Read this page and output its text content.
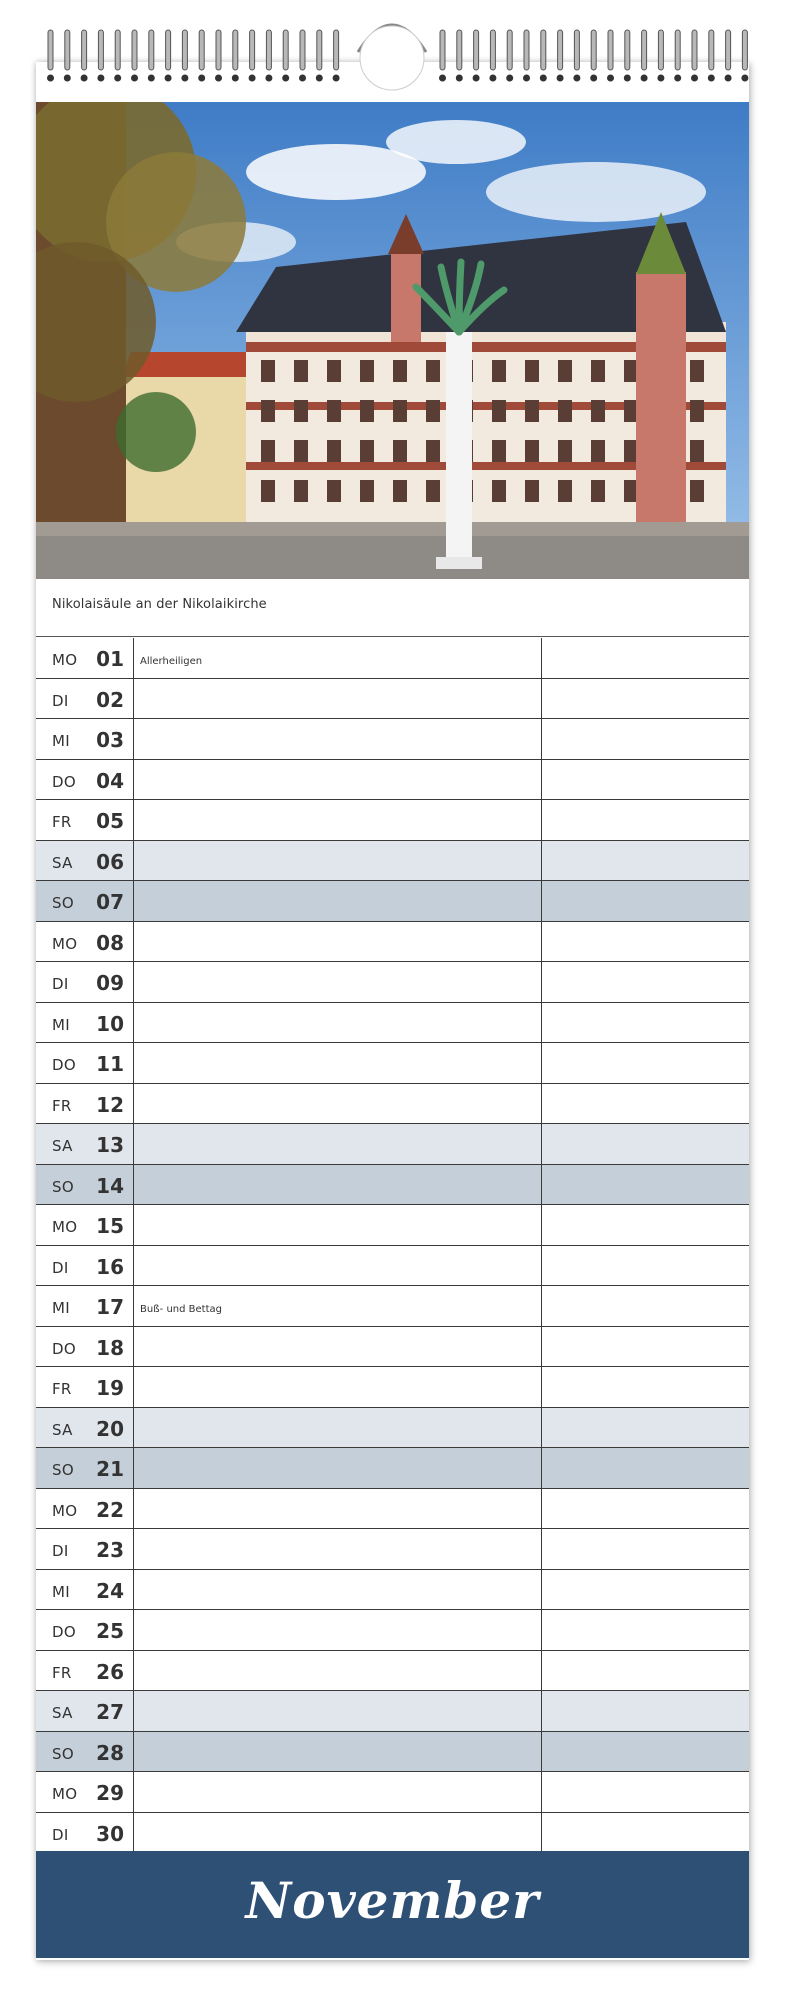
Nikolaisäule an der Nikolaikirche
MO 01 Allerheiligen
DI	02
MI	03
DO	04
FR	05
SA	06
SO	07
MO 08
DI	09
MI	10
DO	11
FR	12
SA	13
SO	14
MO 15
DI	16
MI	17 Buß- und Bettag
DO	18
FR	19
SA	20
SO	21
MO 22
DI	23
MI	24
DO	25
FR	26
SA	27
SO	28
MO 29
DI	30
November
